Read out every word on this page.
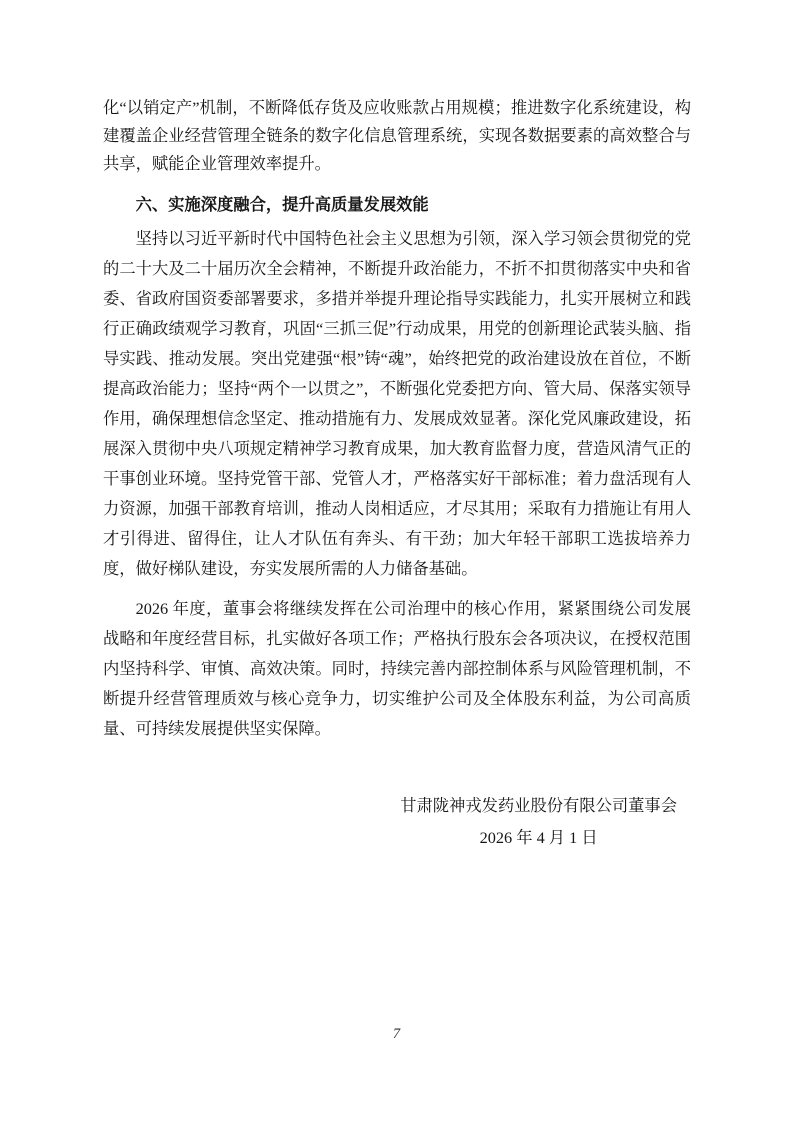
化“以销定产”机制，不断降低存货及应收账款占用规模；推进数字化系统建设，构建覆盖企业经营管理全链条的数字化信息管理系统，实现各数据要素的高效整合与共享，赋能企业管理效率提升。

六、实施深度融合，提升高质量发展效能

坚持以习近平新时代中国特色社会主义思想为引领，深入学习领会贯彻党的党的二十大及二十届历次全会精神，不断提升政治能力，不折不扣贯彻落实中央和省委、省政府国资委部署要求，多措并举提升理论指导实践能力，扎实开展树立和践行正确政绩观学习教育，巩固“三抓三促”行动成果，用党的创新理论武装头脑、指导实践、推动发展。突出党建强“根”铸“魂”，始终把党的政治建设放在首位，不断提高政治能力；坚持“两个一以贯之”，不断强化党委把方向、管大局、保落实领导作用，确保理想信念坚定、推动措施有力、发展成效显著。深化党风廉政建设，拓展深入贯彻中央八项规定精神学习教育成果，加大教育监督力度，营造风清气正的干事创业环境。坚持党管干部、党管人才，严格落实好干部标准；着力盘活现有人力资源，加强干部教育培训，推动人岗相适应，才尽其用；采取有力措施让有用人才引得进、留得住，让人才队伍有奔头、有干劲；加大年轻干部职工选拔培养力度，做好梯队建设，夯实发展所需的人力储备基础。

2026 年度，董事会将继续发挥在公司治理中的核心作用，紧紧围绕公司发展战略和年度经营目标，扎实做好各项工作；严格执行股东会各项决议，在授权范围内坚持科学、审慎、高效决策。同时，持续完善内部控制体系与风险管理机制，不断提升经营管理质效与核心竞争力，切实维护公司及全体股东利益，为公司高质量、可持续发展提供坚实保障。

甘肃陇神戎发药业股份有限公司董事会
2026 年 4 月 1 日
7
